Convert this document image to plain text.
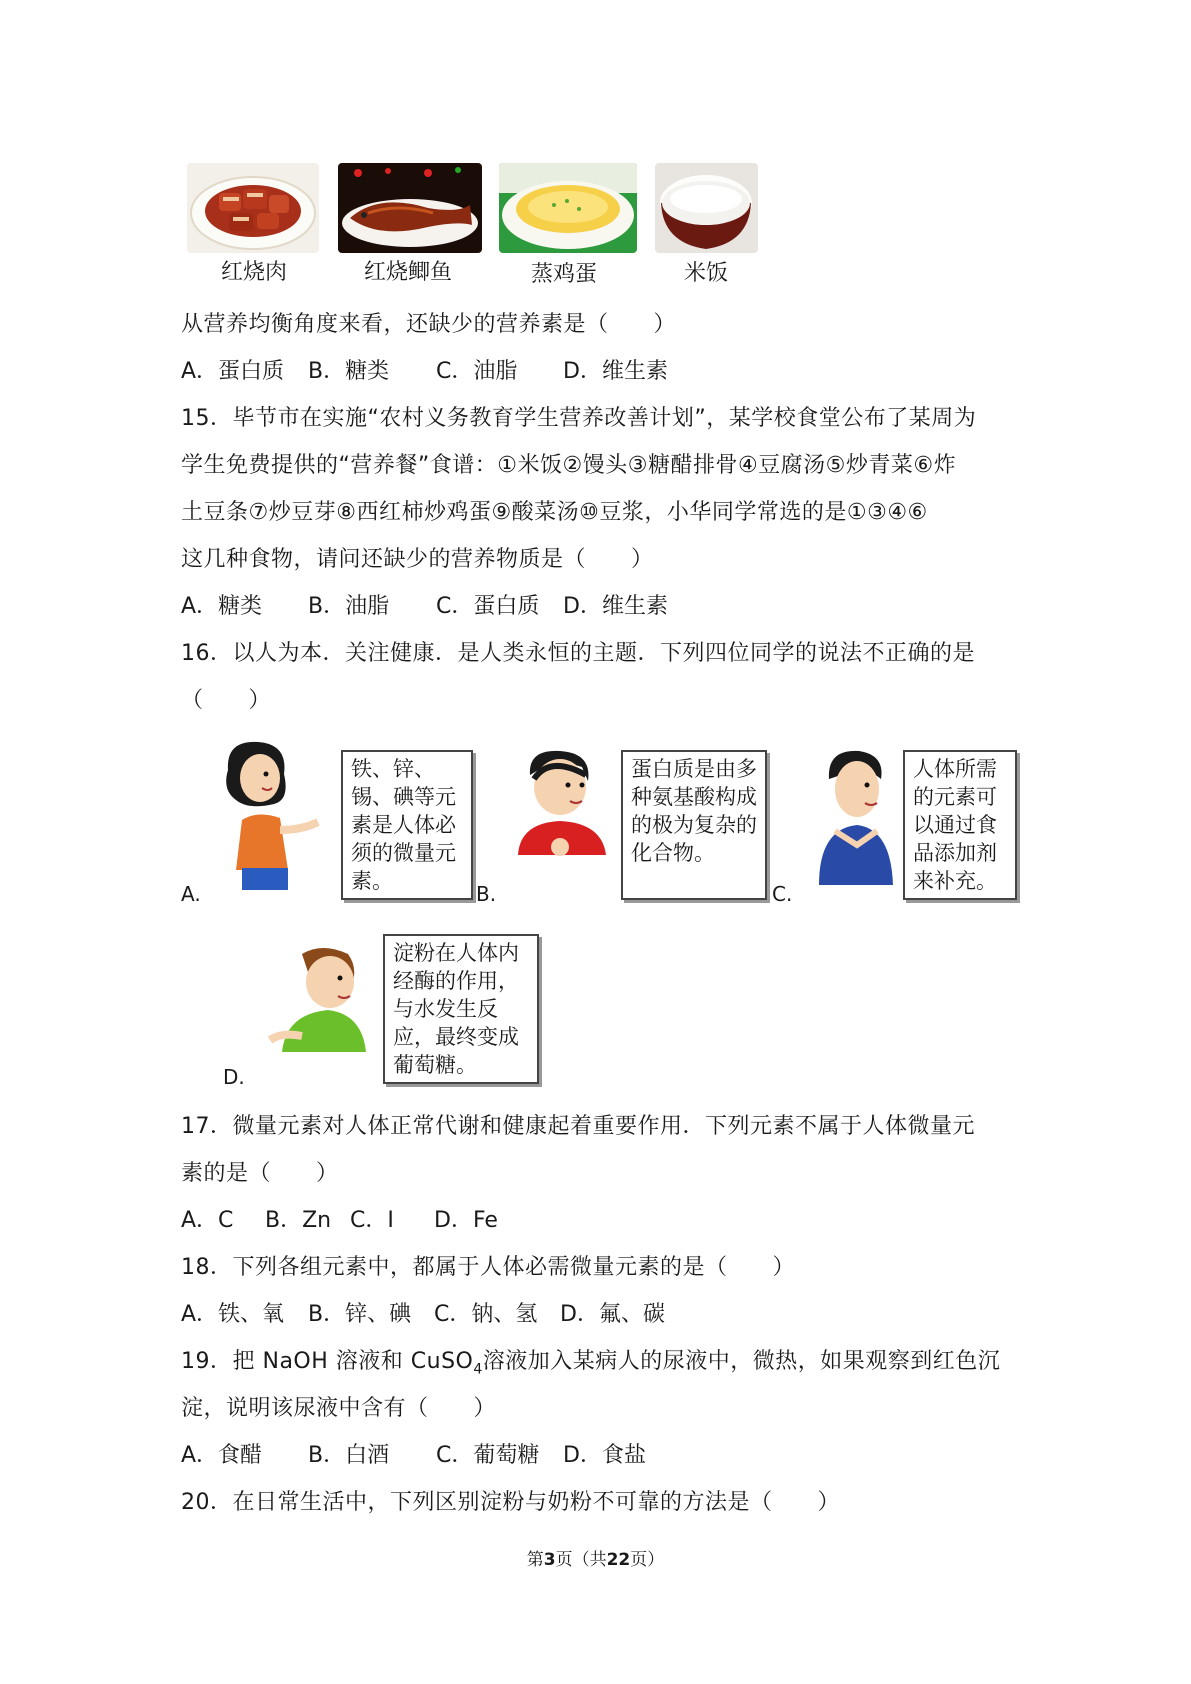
红烧肉	红烧鲫鱼	蒸鸡蛋	米饭
从营养均衡角度来看，还缺少的营养素是（　　）
A．蛋白质 B．糖类 C．油脂 D．维生素
15．毕节市在实施“农村义务教育学生营养改善计划”，某学校食堂公布了某周为
学生免费提供的“营养餐”食谱：①米饭②馒头③糖醋排骨④豆腐汤⑤炒青菜⑥炸
土豆条⑦炒豆芽⑧西红柿炒鸡蛋⑨酸菜汤⑩豆浆，小华同学常选的是①③④⑥
这几种食物，请问还缺少的营养物质是（　　）
A．糖类 B．油脂 C．蛋白质 D．维生素
16．以人为本．关注健康．是人类永恒的主题．下列四位同学的说法不正确的是
（　　）
铁、锌、锡、碘等元素是人体必须的微量元素。
A.
蛋白质是由多种氨基酸构成的极为复杂的化合物。
B.
人体所需的元素可以通过食品添加剂来补充。
C.
淀粉在人体内经酶的作用，与水发生反应，最终变成葡萄糖。
D.
17．微量元素对人体正常代谢和健康起着重要作用．下列元素不属于人体微量元
素的是（　　）
A．C B．Zn C．I D．Fe
18．下列各组元素中，都属于人体必需微量元素的是（　　）
A．铁、氧 B．锌、碘 C．钠、氢 D．氟、碳
19．把 NaOH 溶液和 CuSO$_4$溶液加入某病人的尿液中，微热，如果观察到红色沉
淀，说明该尿液中含有（　　）
A．食醋 B．白酒 C．葡萄糖 D．食盐
20．在日常生活中，下列区别淀粉与奶粉不可靠的方法是（　　）
第3页（共22页）
